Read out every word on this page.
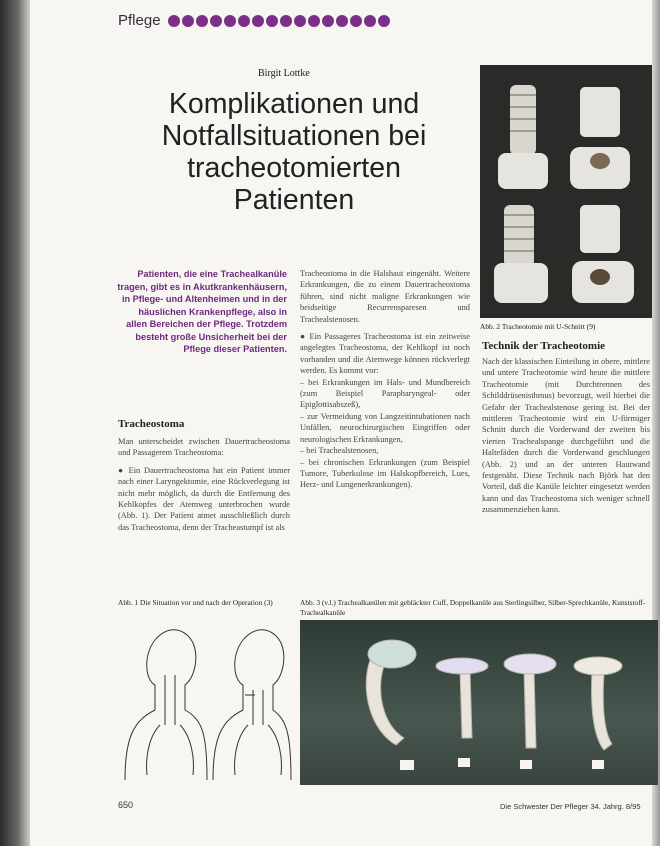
Pflege
Birgit Lottke
Komplikationen und
Notfallsituationen bei
tracheotomierten
Patienten
Patienten, die eine Trachealkanüle tragen, gibt es in Akutkrankenhäusern, in Pflege- und Altenheimen und in der häuslichen Krankenpflege, also in allen Bereichen der Pflege. Trotzdem besteht große Unsicherheit bei der Pflege dieser Patienten.
Tracheostoma

Man unterscheidet zwischen Dauertracheostoma und Passagerem Tracheostoma:

● Ein Dauertracheostoma hat ein Patient immer nach einer Laryngektomie, eine Rückverlegung ist nicht mehr möglich, da durch die Entfernung des Kehlkopfes der Atemweg unterbrochen wurde (Abb. 1). Der Patient atmet ausschließlich durch das Tracheostoma, denn der Tracheastumpf ist als

Tracheostoma in die Halshaut eingenäht. Weitere Erkrankungen, die zu einem Dauertracheostoma führen, sind nicht maligne Erkrankungen wie beidseitige Recurrensparesen und Trachealstenosen.

● Ein Passageres Tracheostoma ist ein zeitweise angelegtes Tracheostoma, der Kehlkopf ist noch vorhanden und die Atemwege können rückverlegt werden. Es kommt vor:

– bei Erkrankungen im Hals- und Mundbereich (zum Beispiel Parapharyngeal- oder Epiglottisabszeß),

– zur Vermeidung von Langzeitintubationen nach Unfällen, neurochirurgischen Eingriffen oder neurologischen Erkrankungen,

– bei Trachealstenosen,

– bei chronischen Erkrankungen (zum Beispiel Tumore, Tuberkulose im Halskopfbereich, Lues, Herz- und Lungenerkrankungen).

Abb. 2 Tracheotomie mit U-Schnitt (9)
Technik der Tracheotomie

Nach der klassischen Einteilung in obere, mittlere und untere Tracheotomie wird heute die mittlere Tracheotomie (mit Durchtrennen des Schilddrüsenisthmus) bevorzugt, weil hierbei die Gefahr der Trachealstenose gering ist. Bei der mittleren Tracheotomie wird ein U-förmiger Schnitt durch die Vorderwand der zweiten bis vierten Trachealspange durchgeführt und die Haltefäden durch die Vorderwand geschlungen (Abb. 2) und an der unteren Hautwand festgenäht. Diese Technik nach Björk hat den Vorteil, daß die Kanüle leichter eingesetzt werden kann und das Tracheostoma sich weniger schnell zusammenziehen kann.

Abb. 1 Die Situation vor und nach der Operation (3)	Abb. 3 (v.l.) Trachealkanülen mit gebläckter Cuff, Doppelkanüle aus Sterlingsilber, Silber-Sprechkanüle, Kunststoff-Trachealkanüle
650	Die Schwester Der Pfleger 34. Jahrg. 8/95
